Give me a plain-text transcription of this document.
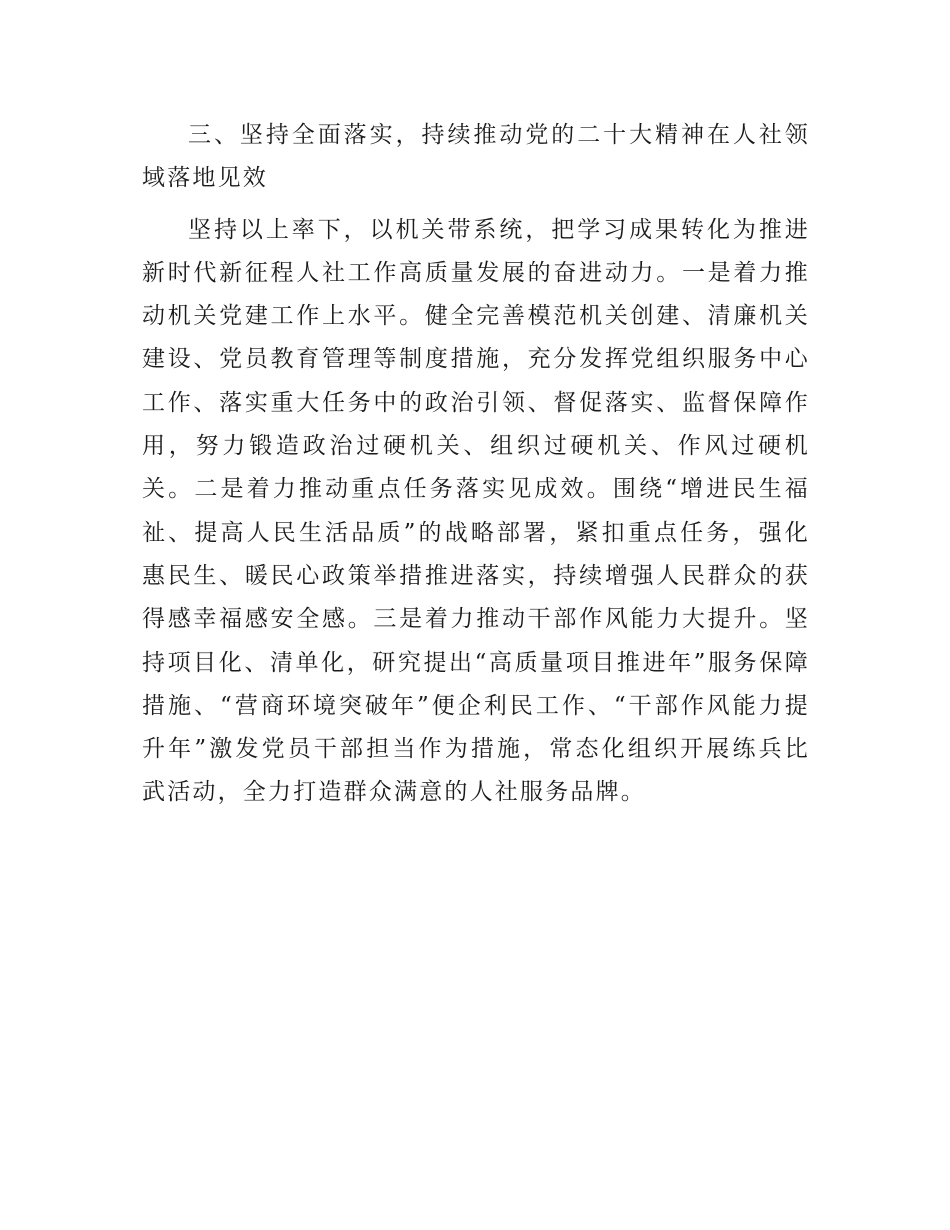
三、坚持全面落实，持续推动党的二十大精神在人社领域落地见效

坚持以上率下，以机关带系统，把学习成果转化为推进新时代新征程人社工作高质量发展的奋进动力。一是着力推动机关党建工作上水平。健全完善模范机关创建、清廉机关建设、党员教育管理等制度措施，充分发挥党组织服务中心工作、落实重大任务中的政治引领、督促落实、监督保障作用，努力锻造政治过硬机关、组织过硬机关、作风过硬机关。二是着力推动重点任务落实见成效。围绕“增进民生福祉、提高人民生活品质”的战略部署，紧扣重点任务，强化惠民生、暖民心政策举措推进落实，持续增强人民群众的获得感幸福感安全感。三是着力推动干部作风能力大提升。坚持项目化、清单化，研究提出“高质量项目推进年”服务保障措施、“营商环境突破年”便企利民工作、“干部作风能力提升年”激发党员干部担当作为措施，常态化组织开展练兵比武活动，全力打造群众满意的人社服务品牌。
